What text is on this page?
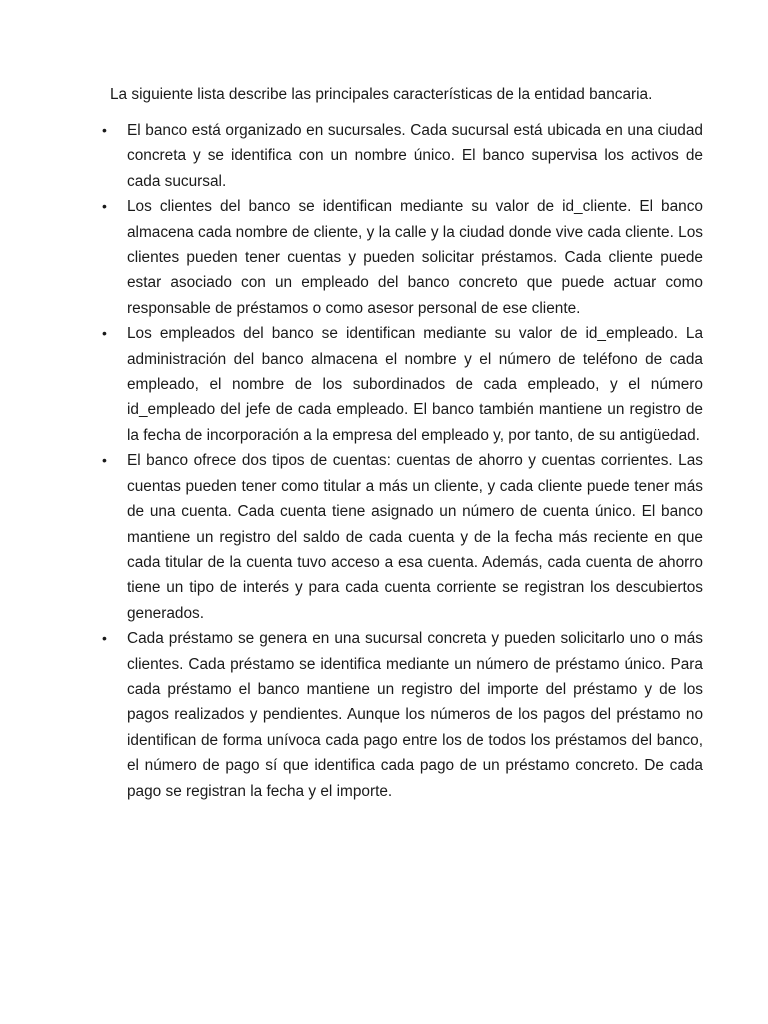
La siguiente lista describe las principales características de la entidad bancaria.

• El banco está organizado en sucursales. Cada sucursal está ubicada en una ciudad concreta y se identifica con un nombre único. El banco supervisa los activos de cada sucursal.
• Los clientes del banco se identifican mediante su valor de id_cliente. El banco almacena cada nombre de cliente, y la calle y la ciudad donde vive cada cliente. Los clientes pueden tener cuentas y pueden solicitar préstamos. Cada cliente puede estar asociado con un empleado del banco concreto que puede actuar como responsable de préstamos o como asesor personal de ese cliente.
• Los empleados del banco se identifican mediante su valor de id_empleado. La administración del banco almacena el nombre y el número de teléfono de cada empleado, el nombre de los subordinados de cada empleado, y el número id_empleado del jefe de cada empleado. El banco también mantiene un registro de la fecha de incorporación a la empresa del empleado y, por tanto, de su antigüedad.
• El banco ofrece dos tipos de cuentas: cuentas de ahorro y cuentas corrientes. Las cuentas pueden tener como titular a más un cliente, y cada cliente puede tener más de una cuenta. Cada cuenta tiene asignado un número de cuenta único. El banco mantiene un registro del saldo de cada cuenta y de la fecha más reciente en que cada titular de la cuenta tuvo acceso a esa cuenta. Además, cada cuenta de ahorro tiene un tipo de interés y para cada cuenta corriente se registran los descubiertos generados.
• Cada préstamo se genera en una sucursal concreta y pueden solicitarlo uno o más clientes. Cada préstamo se identifica mediante un número de préstamo único. Para cada préstamo el banco mantiene un registro del importe del préstamo y de los pagos realizados y pendientes. Aunque los números de los pagos del préstamo no identifican de forma unívoca cada pago entre los de todos los préstamos del banco, el número de pago sí que identifica cada pago de un préstamo concreto. De cada pago se registran la fecha y el importe.
